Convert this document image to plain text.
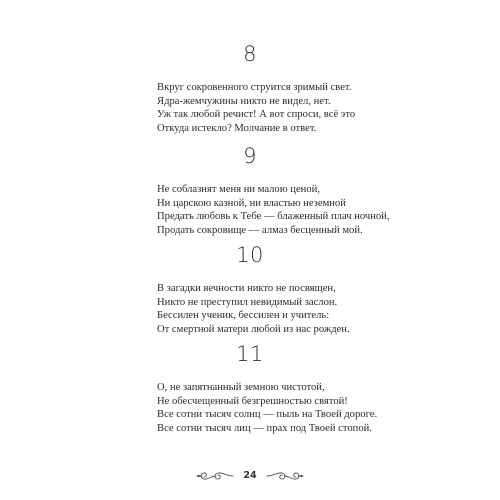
8
Вкруг сокровенного струится зримый свет.
Ядра-жемчужины никто не видел, нет.
Уж так любой речист! А вот спроси, всё это
Откуда истекло? Молчание в ответ.
9
Не соблазнят меня ни малою ценой,
Ни царскою казной, ни властью неземной
Предать любовь к Тебе — блаженный плач ночной,
Продать сокровище — алмаз бесценный мой.
10
В загадки вечности никто не посвящен,
Никто не преступил невидимый заслон.
Бессилен ученик, бессилен и учитель:
От смертной матери любой из нас рожден.
11
О, не запятнанный земною чистотой,
Не обесчещенный безгрешностью святой!
Все сотни тысяч солнц — пыль на Твоей дороге.
Все сотни тысяч лиц — прах под Твоей стопой.
24
